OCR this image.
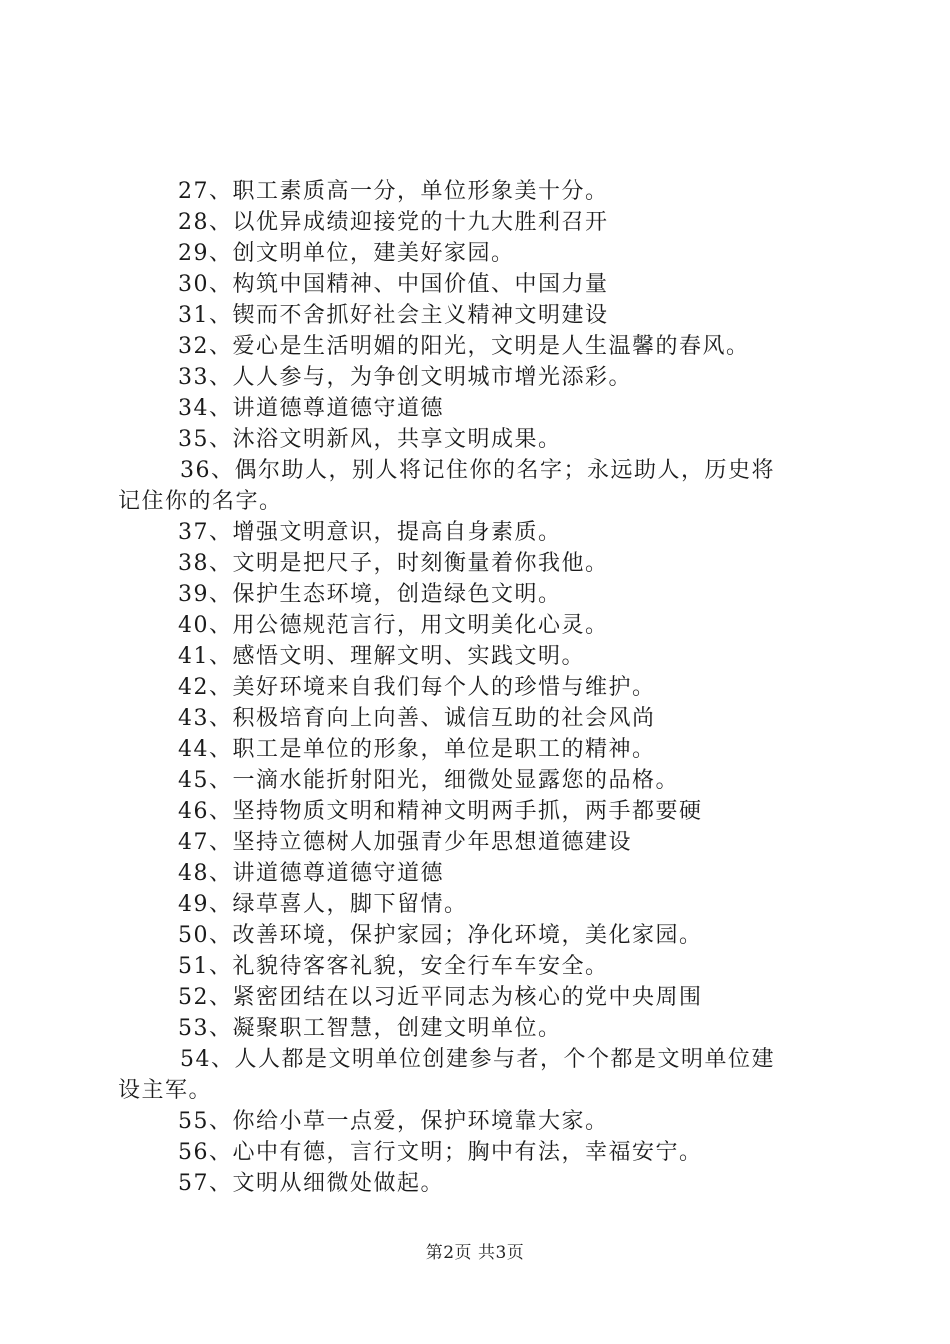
27、职工素质高一分，单位形象美十分。
28、以优异成绩迎接党的十九大胜利召开
29、创文明单位，建美好家园。
30、构筑中国精神、中国价值、中国力量
31、锲而不舍抓好社会主义精神文明建设
32、爱心是生活明媚的阳光，文明是人生温馨的春风。
33、人人参与，为争创文明城市增光添彩。
34、讲道德尊道德守道德
35、沐浴文明新风，共享文明成果。
36、偶尔助人，别人将记住你的名字；永远助人，历史将
记住你的名字。
37、增强文明意识，提高自身素质。
38、文明是把尺子，时刻衡量着你我他。
39、保护生态环境，创造绿色文明。
40、用公德规范言行，用文明美化心灵。
41、感悟文明、理解文明、实践文明。
42、美好环境来自我们每个人的珍惜与维护。
43、积极培育向上向善、诚信互助的社会风尚
44、职工是单位的形象，单位是职工的精神。
45、一滴水能折射阳光，细微处显露您的品格。
46、坚持物质文明和精神文明两手抓，两手都要硬
47、坚持立德树人加强青少年思想道德建设
48、讲道德尊道德守道德
49、绿草喜人，脚下留情。
50、改善环境，保护家园；净化环境，美化家园。
51、礼貌待客客礼貌，安全行车车安全。
52、紧密团结在以习近平同志为核心的党中央周围
53、凝聚职工智慧，创建文明单位。
54、人人都是文明单位创建参与者，个个都是文明单位建
设主军。
55、你给小草一点爱，保护环境靠大家。
56、心中有德，言行文明；胸中有法，幸福安宁。
57、文明从细微处做起。
第2页 共3页
